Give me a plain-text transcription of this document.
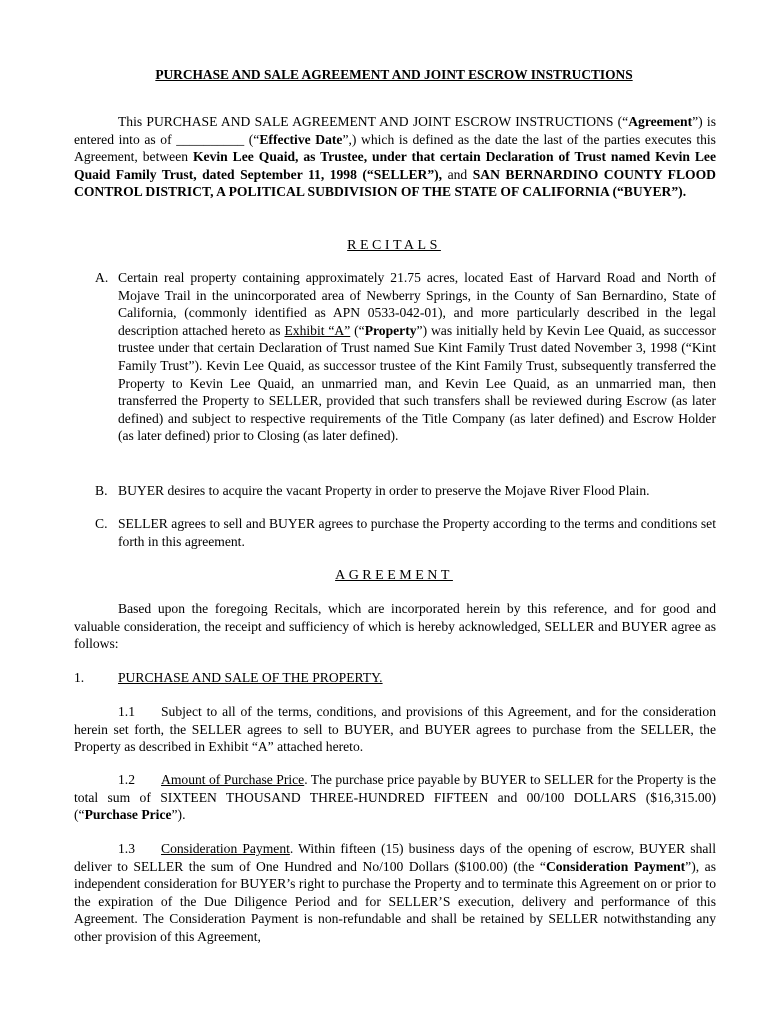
PURCHASE AND SALE AGREEMENT AND JOINT ESCROW INSTRUCTIONS
This PURCHASE AND SALE AGREEMENT AND JOINT ESCROW INSTRUCTIONS (“Agreement”) is entered into as of __________ (“Effective Date”,) which is defined as the date the last of the parties executes this Agreement, between Kevin Lee Quaid, as Trustee, under that certain Declaration of Trust named Kevin Lee Quaid Family Trust, dated September 11, 1998 (“SELLER”), and SAN BERNARDINO COUNTY FLOOD CONTROL DISTRICT, A POLITICAL SUBDIVISION OF THE STATE OF CALIFORNIA (“BUYER”).
RECITALS
A. Certain real property containing approximately 21.75 acres, located East of Harvard Road and North of Mojave Trail in the unincorporated area of Newberry Springs, in the County of San Bernardino, State of California, (commonly identified as APN 0533-042-01), and more particularly described in the legal description attached hereto as Exhibit “A” (“Property”) was initially held by Kevin Lee Quaid, as successor trustee under that certain Declaration of Trust named Sue Kint Family Trust dated November 3, 1998 (“Kint Family Trust”). Kevin Lee Quaid, as successor trustee of the Kint Family Trust, subsequently transferred the Property to Kevin Lee Quaid, an unmarried man, and Kevin Lee Quaid, as an unmarried man, then transferred the Property to SELLER, provided that such transfers shall be reviewed during Escrow (as later defined) and subject to respective requirements of the Title Company (as later defined) and Escrow Holder (as later defined) prior to Closing (as later defined).
B. BUYER desires to acquire the vacant Property in order to preserve the Mojave River Flood Plain.
C. SELLER agrees to sell and BUYER agrees to purchase the Property according to the terms and conditions set forth in this agreement.
AGREEMENT
Based upon the foregoing Recitals, which are incorporated herein by this reference, and for good and valuable consideration, the receipt and sufficiency of which is hereby acknowledged, SELLER and BUYER agree as follows:
1. PURCHASE AND SALE OF THE PROPERTY.
1.1 Subject to all of the terms, conditions, and provisions of this Agreement, and for the consideration herein set forth, the SELLER agrees to sell to BUYER, and BUYER agrees to purchase from the SELLER, the Property as described in Exhibit “A” attached hereto.
1.2 Amount of Purchase Price. The purchase price payable by BUYER to SELLER for the Property is the total sum of SIXTEEN THOUSAND THREE-HUNDRED FIFTEEN and 00/100 DOLLARS ($16,315.00) (“Purchase Price”).
1.3 Consideration Payment. Within fifteen (15) business days of the opening of escrow, BUYER shall deliver to SELLER the sum of One Hundred and No/100 Dollars ($100.00) (the “Consideration Payment”), as independent consideration for BUYER’s right to purchase the Property and to terminate this Agreement on or prior to the expiration of the Due Diligence Period and for SELLER’S execution, delivery and performance of this Agreement. The Consideration Payment is non-refundable and shall be retained by SELLER notwithstanding any other provision of this Agreement,
